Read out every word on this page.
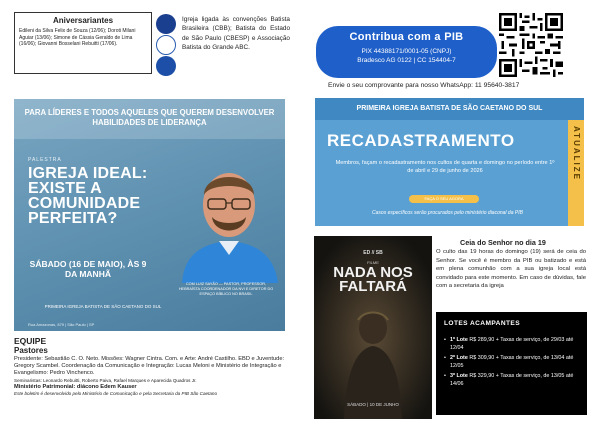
Aniversariantes

Edileni da Silva Felix de Souza (12/06); Doroti Milani Aguiar (13/06); Simone de Cássia Geraldo de Lima (16/06); Giovanni Bosselani Rebuitti (17/06).

Igreja ligada às convenções Batista Brasileira (CBB); Batista do Estado de São Paulo (CBESP) e Associação Batista do Grande ABC.
Contribua com a PIB
PIX 44388171/0001-05 (CNPJ)
Bradesco AG 0122 | CC 154404-7
Envie o seu comprovante para nosso WhatsApp: 11 95640-3817
PARA LÍDERES E TODOS AQUELES QUE QUEREM DESENVOLVER HABILIDADES DE LIDERANÇA
PALESTRA
IGREJA IDEAL: EXISTE A COMUNIDADE PERFEITA?
SÁBADO (16 DE MAIO), ÀS 9 DA MANHÃ
COM LUIZ SAYÃO — PASTOR, PROFESSOR, HEBRAÍSTA COORDENADOR DA NVI E DIRETOR DO ESPAÇO BÍBLICO NO BRASIL
PRIMEIRA IGREJA BATISTA DE SÃO CAETANO DO SUL
Rua Amazonas, 879 | São Paulo | SP
EQUIPE
Pastores
Presidente: Sebastião C. O. Neto. Missões: Wagner Cintra. Com. e Arte: André Castilho. EBD e Juventude: Gregory Scambel. Coordenação da Comunicação e Integração: Lucas Meloni e Ministério de Integração e Evangelismo: Pedro Vinchenco.
Seminaristas: Leonardo Rebuitti, Roberto Paiva, Rafael Marques e Aparecida Quadros Jr.
Ministério Patrimonial: diácono Edem Kauser
Este boletim é desenvolvido pelo Ministério de Comunicação e pela Secretaria da PIB São Caetano
PRIMEIRA IGREJA BATISTA DE SÃO CAETANO DO SUL
ATUALIZE
RECADASTRAMENTO
Membros, façam o recadastramento nos cultos de quarta e domingo no período entre 1º de abril e 29 de junho de 2026
FAÇA O SEU AGORA
Casos específicos serão procurados pelo ministério diaconal da PIB
ED // SB
FILME
NADA NOS FALTARÁ
SÁBADO | 10 DE JUNHO
Ceia do Senhor no dia 19
O culto das 19 horas do domingo (19) será de ceia do Senhor. Se você é membro da PIB ou batizado e está em plena comunhão com a sua igreja local está convidado para este momento. Em caso de dúvidas, fale com a secretaria da igreja
LOTES ACAMPANTES
• 1º Lote R$ 289,90 + Taxas de serviço, de 29/03 até 12/04
• 2º Lote R$ 309,90 + Taxas de serviço, de 13/04 até 12/05
• 3º Lote R$ 329,90 + Taxas de serviço, de 13/05 até 14/06
